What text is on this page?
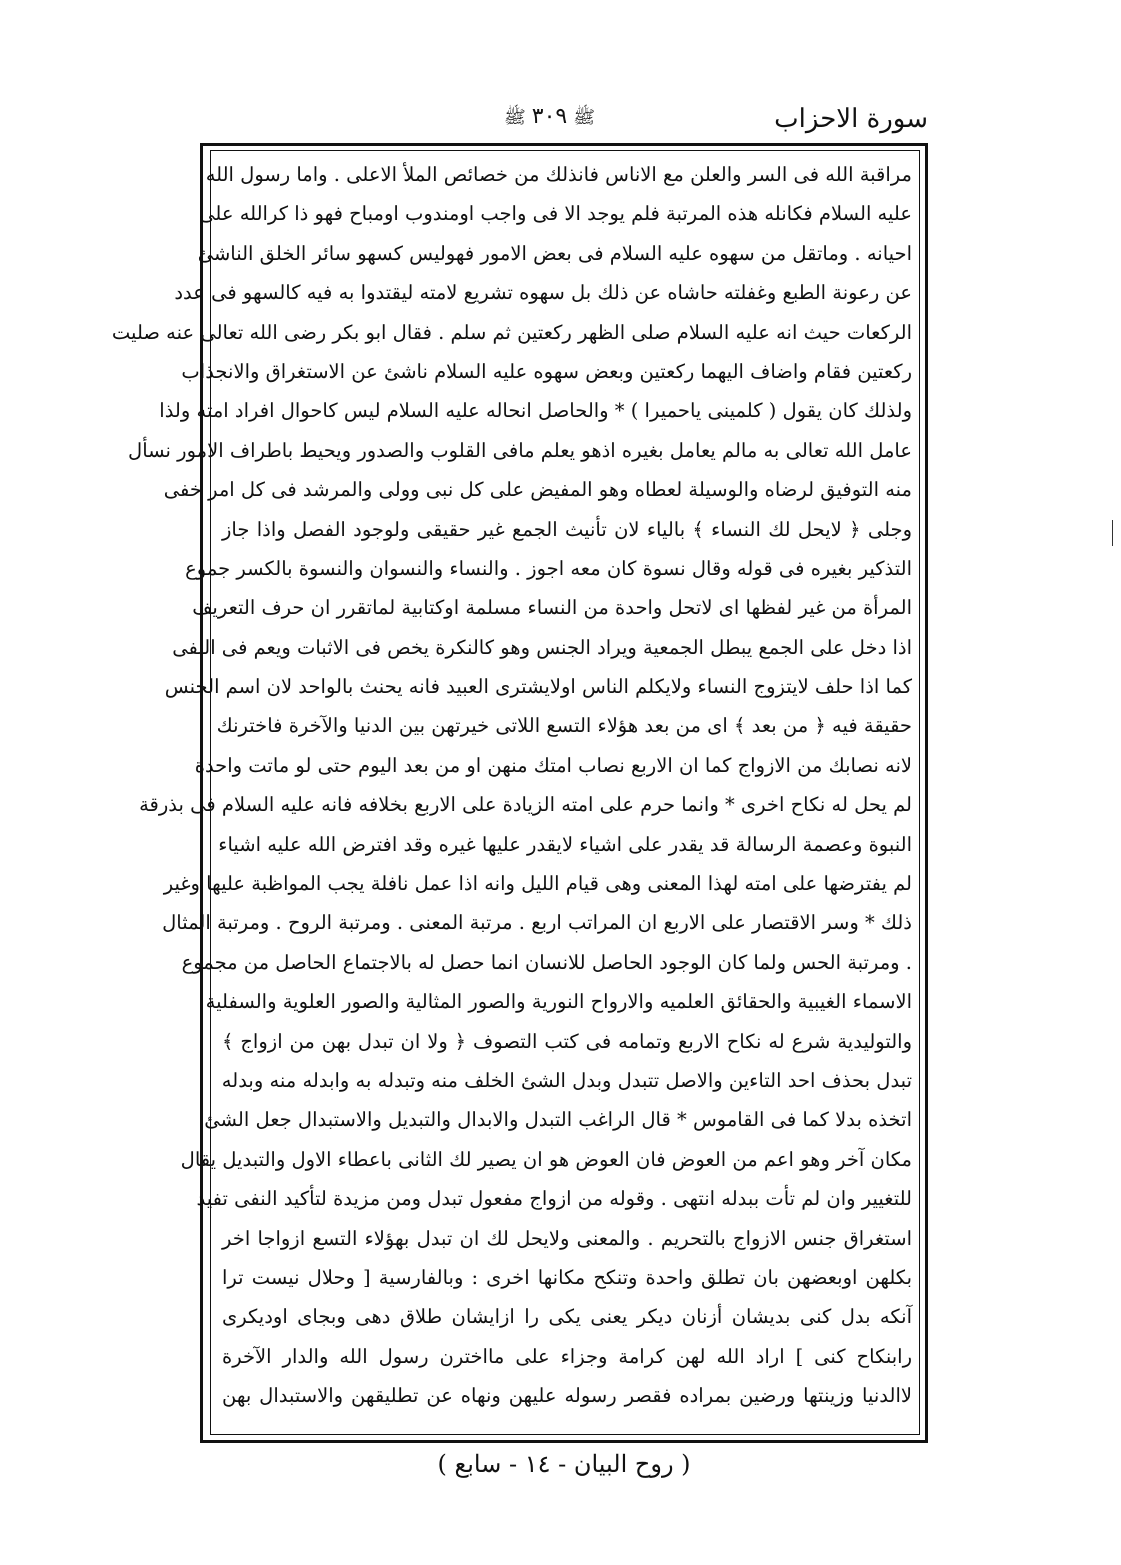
سورة الاحزاب
ﷺ٣٠٩ﷺ
مراقبة الله فى السر والعلن مع الاناس فانذلك من خصائص الملأ الاعلى . واما رسول الله
عليه السلام فكانله هذه المرتبة فلم يوجد الا فى واجب اومندوب اومباح فهو ذا كرالله على
احيانه . وماتقل من سهوه عليه السلام فى بعض الامور فهوليس كسهو سائر الخلق الناشئ
عن رعونة الطبع وغفلته حاشاه عن ذلك بل سهوه تشريع لامته ليقتدوا به فيه كالسهو فى عدد
الركعات حيث انه عليه السلام صلى الظهر ركعتين ثم سلم . فقال ابو بكر رضى الله تعالى عنه صليت
ركعتين فقام واضاف اليهما ركعتين وبعض سهوه عليه السلام ناشئ عن الاستغراق والانجذاب
ولذلك كان يقول ( كلمينى ياحميرا ) * والحاصل انحاله عليه السلام ليس كاحوال افراد امته ولذا
عامل الله تعالى به مالم يعامل بغيره اذهو يعلم مافى القلوب والصدور ويحيط باطراف الامور نسأل
منه التوفيق لرضاه والوسيلة لعطاه وهو المفيض على كل نبى وولى والمرشد فى كل امر خفى
وجلى ﴿ لايحل لك النساء ﴾ بالياء لان تأنيث الجمع غير حقيقى ولوجود الفصل واذا جاز
التذكير بغيره فى قوله وقال نسوة كان معه اجوز . والنساء والنسوان والنسوة بالكسر جموع
المرأة من غير لفظها اى لاتحل واحدة من النساء مسلمة اوكتابية لماتقرر ان حرف التعريف
اذا دخل على الجمع يبطل الجمعية ويراد الجنس وهو كالنكرة يخص فى الاثبات ويعم فى النفى
كما اذا حلف لايتزوج النساء ولايكلم الناس اولايشترى العبيد فانه يحنث بالواحد لان اسم الجنس
حقيقة فيه ﴿ من بعد ﴾ اى من بعد هؤلاء التسع اللاتى خيرتهن بين الدنيا والآخرة فاخترنك
لانه نصابك من الازواج كما ان الاربع نصاب امتك منهن او من بعد اليوم حتى لو ماتت واحدة
لم يحل له نكاح اخرى * وانما حرم على امته الزيادة على الاربع بخلافه فانه عليه السلام فى بذرقة
النبوة وعصمة الرسالة قد يقدر على اشياء لايقدر عليها غيره وقد افترض الله عليه اشياء
لم يفترضها على امته لهذا المعنى وهى قيام الليل وانه اذا عمل نافلة يجب المواظبة عليها وغير
ذلك * وسر الاقتصار على الاربع ان المراتب اربع . مرتبة المعنى . ومرتبة الروح . ومرتبة المثال
. ومرتبة الحس ولما كان الوجود الحاصل للانسان انما حصل له بالاجتماع الحاصل من مجموع
الاسماء الغيبية والحقائق العلميه والارواح النورية والصور المثالية والصور العلوية والسفلية
والتوليدية شرع له نكاح الاربع وتمامه فى كتب التصوف ﴿ ولا ان تبدل بهن من ازواج ﴾
تبدل بحذف احد التاءين والاصل تتبدل وبدل الشئ الخلف منه وتبدله به وابدله منه وبدله
اتخذه بدلا كما فى القاموس * قال الراغب التبدل والابدال والتبديل والاستبدال جعل الشئ
مكان آخر وهو اعم من العوض فان العوض هو ان يصير لك الثانى باعطاء الاول والتبديل يقال
للتغيير وان لم تأت ببدله انتهى . وقوله من ازواج مفعول تبدل ومن مزيدة لتأكيد النفى تفيد
استغراق جنس الازواج بالتحريم . والمعنى ولايحل لك ان تبدل بهؤلاء التسع ازواجا اخر
بكلهن اوبعضهن بان تطلق واحدة وتنكح مكانها اخرى : وبالفارسية [ وحلال نيست ترا
آنكه بدل كنى بديشان أزنان ديكر يعنى يكى را ازايشان طلاق دهى وبجاى اوديكرى
رابنكاح كنى ] اراد الله لهن كرامة وجزاء على مااخترن رسول الله والدار الآخرة
لاالدنيا وزينتها ورضين بمراده فقصر رسوله عليهن ونهاه عن تطليقهن والاستبدال بهن
( روح البيان - ١٤ - سابع )
